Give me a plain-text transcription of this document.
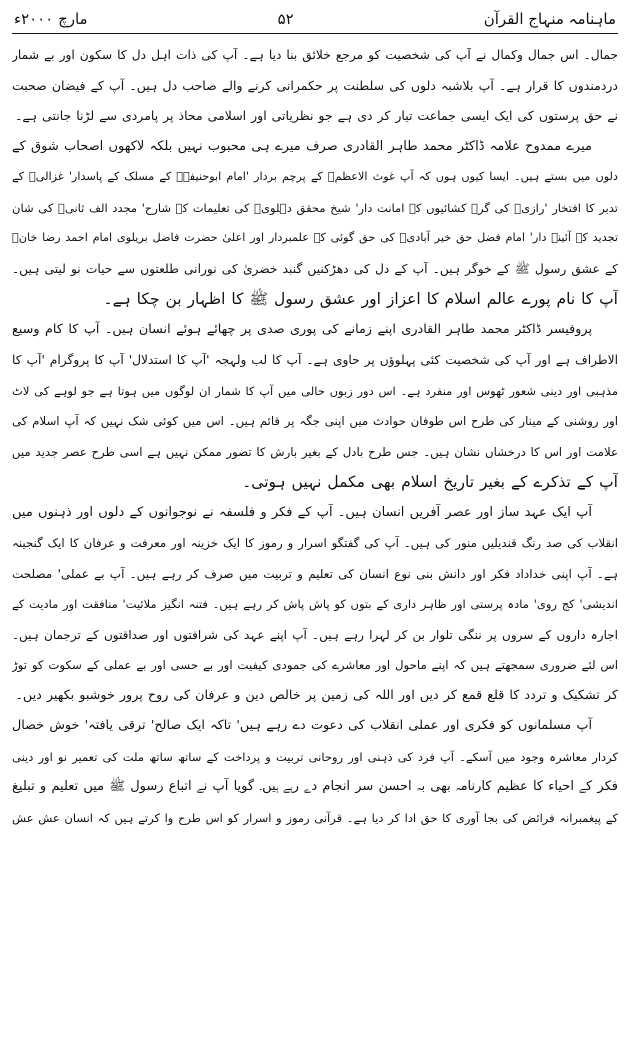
ماہنامہ منہاج القرآن
۵۲
مارچ ۲۰۰۰ء
جمال۔ اس جمال وکمال نے آپ کی شخصیت کو مرجع خلائق بنا دیا ہے۔ آپ کی ذات اہل دل کا سکون اور بے شمار
دردمندوں کا قرار ہے۔ آپ بلاشبہ دلوں کی سلطنت پر حکمرانی کرنے والے صاحب دل ہیں۔ آپ کے فیضان صحبت
نے حق پرستوں کی ایک ایسی جماعت تیار کر دی ہے جو نظریاتی اور اسلامی محاذ پر پامردی سے لڑنا جانتی ہے۔
میرے ممدوح علامہ ڈاکٹر محمد طاہر القادری صرف میرے ہی محبوب نہیں بلکہ لاکھوں اصحاب شوق کے
دلوں میں بستے ہیں۔ ایسا کیوں ہوں کہ آپ غوث الاعظمؒ کے پرچم بردار 'امام ابوحنیفہؒ کے مسلک کے پاسدار' غزالیؒ کے
تدبر کا افتخار 'رازیؒ کی گرہ کشائیوں کے امانت دار' شیخ محقق دہلویؒ کی تعلیمات کے شارح' مجدد الف ثانیؒ کی شان
تجدید کے آئینہ دار' امام فضل حق خیر آبادیؒ کی حق گوئی کے علمبردار اور اعلیٰ حضرت فاضل بریلوی امام احمد رضا خانؒ
کے عشق رسول ﷺ کے خوگر ہیں۔ آپ کے دل کی دھڑکنیں گنبد خضریٰ کی نورانی طلعتوں سے حیات نو لیتی ہیں۔
آپ کا نام پورے عالم اسلام کا اعزاز اور عشق رسول ﷺ کا اظہار بن چکا ہے۔
پروفیسر ڈاکٹر محمد طاہر القادری اپنے زمانے کی پوری صدی پر چھائے ہوئے انسان ہیں۔ آپ کا کام وسیع
الاطراف ہے اور آپ کی شخصیت کئی پہلوؤں پر حاوی ہے۔ آپ کا لب ولہجہ 'آپ کا استدلال' آپ کا پروگرام 'آپ کا
مذہبی اور دینی شعور ٹھوس اور منفرد ہے۔ اس دور زبوں حالی میں آپ کا شمار ان لوگوں میں ہوتا ہے جو لوہے کی لاٹ
اور روشنی کے مینار کی طرح اس طوفان حوادث میں اپنی جگہ پر قائم ہیں۔ اس میں کوئی شک نہیں کہ آپ اسلام کی
علامت اور اس کا درخشاں نشان ہیں۔ جس طرح بادل کے بغیر بارش کا تصور ممکن نہیں ہے اسی طرح عصر جدید میں
آپ کے تذکرے کے بغیر تاریخ اسلام بھی مکمل نہیں ہوتی۔
آپ ایک عہد ساز اور عصر آفریں انسان ہیں۔ آپ کے فکر و فلسفہ نے نوجوانوں کے دلوں اور ذہنوں میں
انقلاب کی صد رنگ قندیلیں منور کی ہیں۔ آپ کی گفتگو اسرار و رموز کا ایک خزینہ اور معرفت و عرفان کا ایک گنجینہ
ہے۔ آپ اپنی خداداد فکر اور دانش بنی نوع انسان کی تعلیم و تربیت میں صرف کر رہے ہیں۔ آپ بے عملی' مصلحت
اندیشی' کج روی' مادہ پرستی اور ظاہر داری کے بتوں کو پاش پاش کر رہے ہیں۔ فتنہ انگیز ملائیت' منافقت اور مادیت کے
اجارہ داروں کے سروں پر ننگی تلوار بن کر لہرا رہے ہیں۔ آپ اپنے عہد کی شرافتوں اور صداقتوں کے ترجمان ہیں۔
اس لئے ضروری سمجھتے ہیں کہ اپنے ماحول اور معاشرے کی جمودی کیفیت اور بے حسی اور بے عملی کے سکوت کو توڑ
کر تشکیک و تردد کا قلع قمع کر دیں اور اللہ کی زمین پر خالص دین و عرفان کی روح پرور خوشبو بکھیر دیں۔
آپ مسلمانوں کو فکری اور عملی انقلاب کی دعوت دے رہے ہیں' تاکہ ایک صالح' ترقی یافتہ' خوش خصال
کردار معاشرہ وجود میں آسکے۔ آپ فرد کی ذہنی اور روحانی تربیت و پرداخت کے ساتھ ساتھ ملت کی تعمیر نو اور دینی
فکر کے احیاء کا عظیم کارنامہ بھی بہ احسن سر انجام دے رہے ہیں۔ گویا آپ نے اتباع رسول ﷺ میں تعلیم و تبلیغ
کے پیغمبرانہ فرائض کی بجا آوری کا حق ادا کر دیا ہے۔ قرآنی رموز و اسرار کو اس طرح وا کرتے ہیں کہ انسان عش عش
